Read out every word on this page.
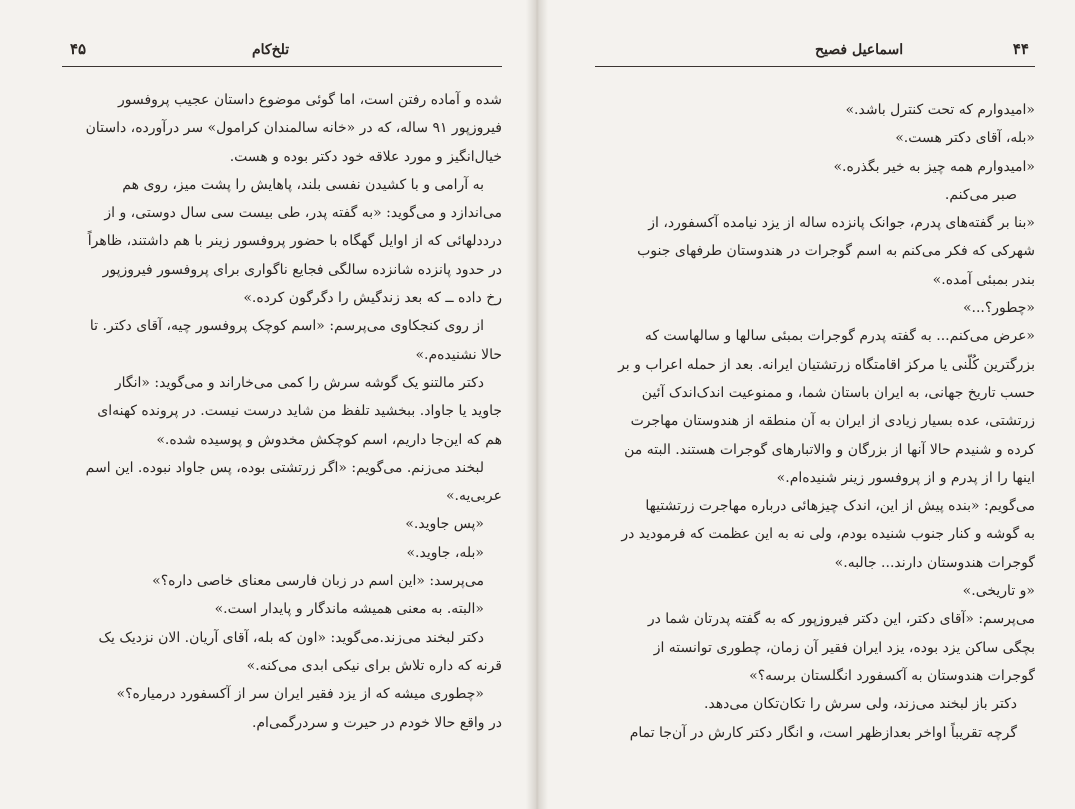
۴۵	تلخ‌کام
شده و آماده رفتن است، اما گوئی موضوع داستان عجیب پروفسور
فیروزپور ۹۱ ساله، که در «خانه سالمندان کرامول» سر درآورده، داستان
خیال‌انگیز و مورد علاقه خود دکتر بوده و هست.
به آرامی و با کشیدن نفسی بلند، پاهایش را پشت میز، روی هم
می‌اندازد و می‌گوید: «به گفته پدر، طی بیست سی سال دوستی، و از
درددلهائی که از اوایل گهگاه با حضور پروفسور زینر با هم داشتند، ظاهراً
در حدود پانزده شانزده سالگی فجایع ناگواری برای پروفسور فیروزپور
رخ داده ــ که بعد زندگیش را دگرگون کرده.»
از روی کنجکاوی می‌پرسم: «اسم کوچک پروفسور چیه، آقای دکتر. تا
حالا نشنیده‌م.»
دکتر مالتنو یک گوشه سرش را کمی می‌خاراند و می‌گوید: «انگار
جاوید یا جاواد. ببخشید تلفظ من شاید درست نیست. در پرونده کهنه‌ای
هم که این‌جا داریم، اسم کوچکش مخدوش و پوسیده شده.»
لبخند می‌زنم. می‌گویم: «اگر زرتشتی بوده، پس جاواد نبوده. این اسم
عربی‌یه.»
«پس جاوید.»
«بله، جاوید.»
می‌پرسد: «این اسم در زبان فارسی معنای خاصی داره؟»
«البته. به معنی همیشه ماندگار و پایدار است.»
دکتر لبخند می‌زند.می‌گوید: «اون که بله، آقای آریان. الان نزدیک یک
قرنه که داره تلاش برای نیکی ابدی می‌کنه.»
«چطوری میشه که از یزد فقیر ایران سر از آکسفورد درمیاره؟»
در واقع حالا خودم در حیرت و سردرگمی‌ام.
اسماعیل فصیح	۴۴
«امیدوارم که تحت کنترل باشد.»
«بله، آقای دکتر هست.»
«امیدوارم همه چیز به خیر بگذره.»
صبر می‌کنم.
«بنا بر گفته‌های پدرم، جوانک پانزده ساله از یزد نیامده آکسفورد، از
شهرکی که فکر می‌کنم به اسم گوجرات در هندوستان طرفهای جنوب
بندر بمبئی آمده.»
«چطور؟...»
«عرض می‌کنم... به گفته پدرم گوجرات بمبئی سالها و سالهاست که
بزرگترین کُلّنی یا مرکز اقامتگاه زرتشتیان ایرانه. بعد از حمله اعراب و بر
حسب تاریخ جهانی، به ایران باستان شما، و ممنوعیت اندک‌اندک آئین
زرتشتی، عده بسیار زیادی از ایران به آن منطقه از هندوستان مهاجرت
کرده و شنیدم حالا آنها از بزرگان و والاتبارهای گوجرات هستند. البته من
اینها را از پدرم و از پروفسور زینر شنیده‌ام.»
می‌گویم: «بنده پیش از این، اندک چیزهائی درباره مهاجرت زرتشتیها
به گوشه و کنار جنوب شنیده بودم، ولی نه به این عظمت که فرمودید در
گوجرات هندوستان دارند... جالبه.»
«و تاریخی.»
می‌پرسم: «آقای دکتر، این دکتر فیروزپور که به گفته پدرتان شما در
بچگی ساکن یزد بوده، یزد ایران فقیر آن زمان، چطوری توانسته از
گوجرات هندوستان به آکسفورد انگلستان برسه؟»
دکتر باز لبخند می‌زند، ولی سرش را تکان‌تکان می‌دهد.
گرچه تقریباً اواخر بعدازظهر است، و انگار دکتر کارش در آن‌جا تمام
